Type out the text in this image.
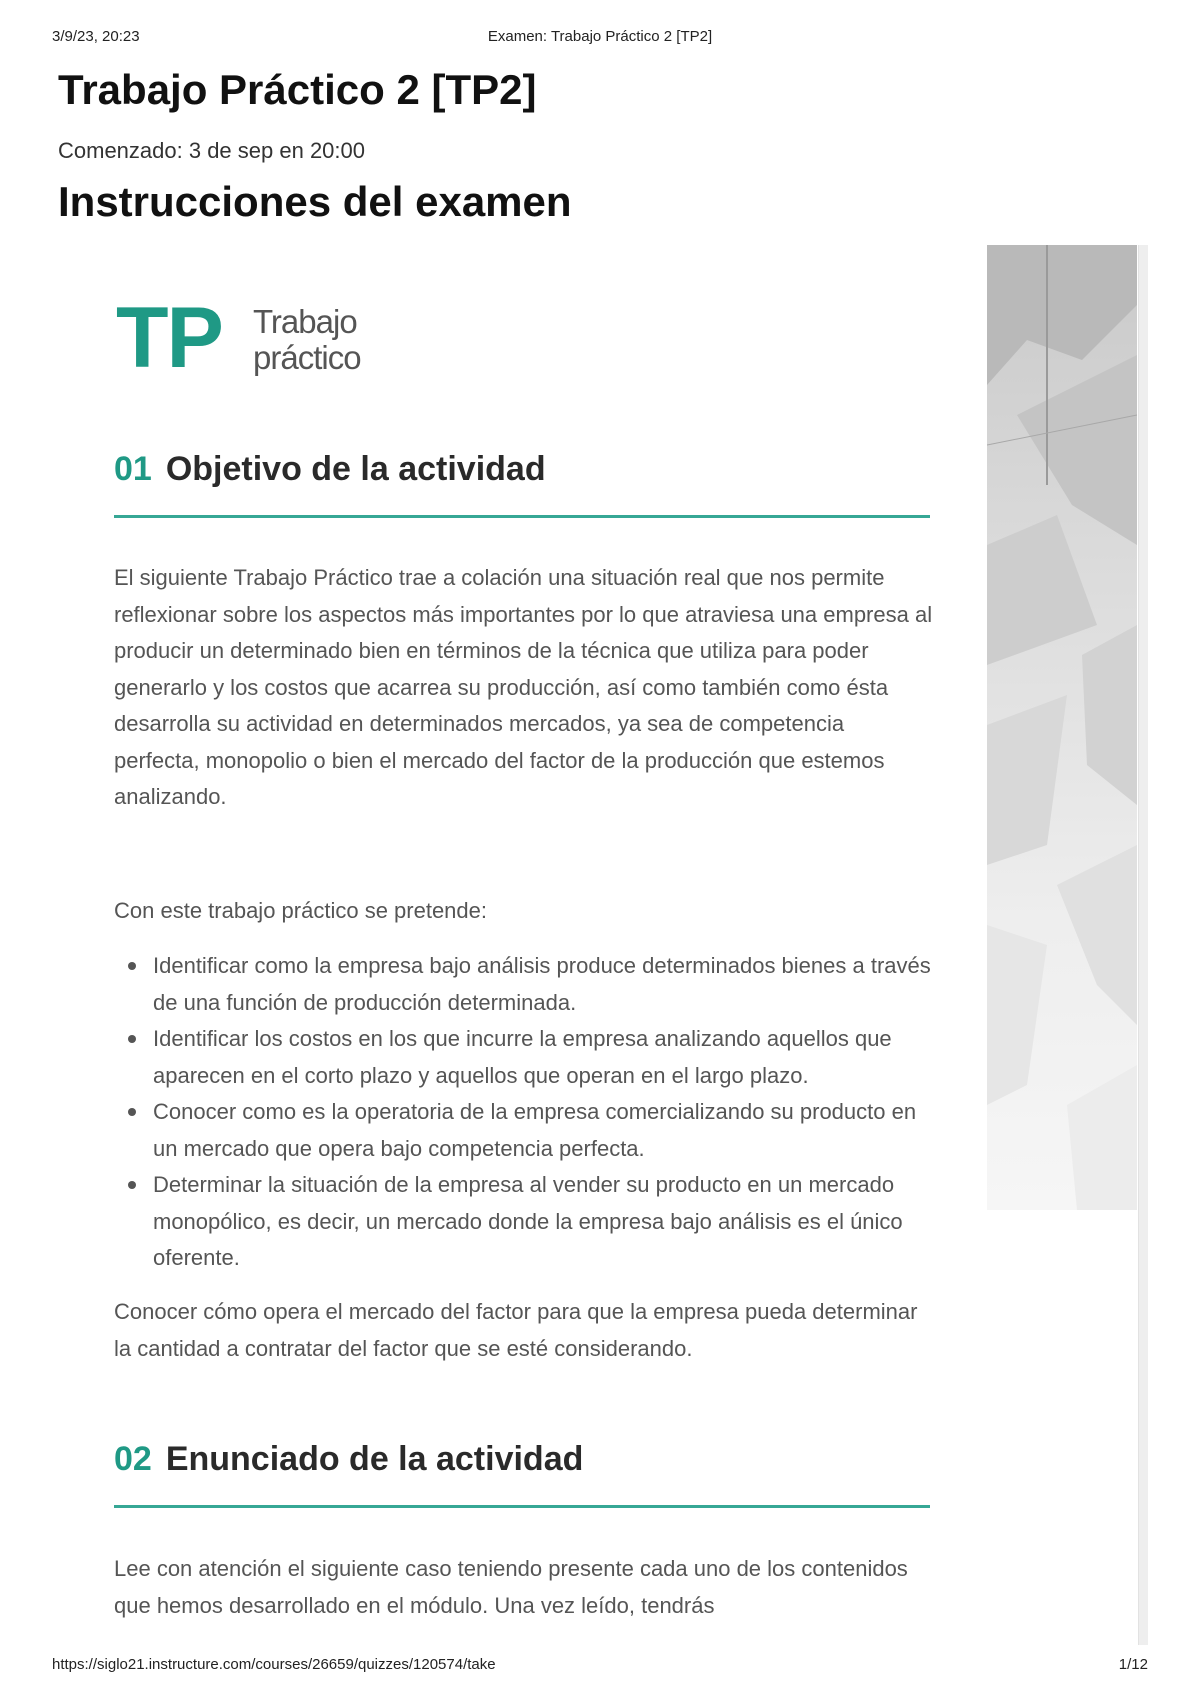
3/9/23, 20:23	Examen: Trabajo Práctico 2 [TP2]
Trabajo Práctico 2 [TP2]
Comenzado: 3 de sep en 20:00
Instrucciones del examen
TP Trabajo
práctico
01 Objetivo de la actividad

El siguiente Trabajo Práctico trae a colación una situación real que nos permite reflexionar sobre los aspectos más importantes por lo que atraviesa una empresa al producir un determinado bien en términos de la técnica que utiliza para poder generarlo y los costos que acarrea su producción, así como también como ésta desarrolla su actividad en determinados mercados, ya sea de competencia perfecta, monopolio o bien el mercado del factor de la producción que estemos analizando.

Con este trabajo práctico se pretende:

Identificar como la empresa bajo análisis produce determinados bienes a través de una función de producción determinada.
Identificar los costos en los que incurre la empresa analizando aquellos que aparecen en el corto plazo y aquellos que operan en el largo plazo.
Conocer como es la operatoria de la empresa comercializando su producto en un mercado que opera bajo competencia perfecta.
Determinar la situación de la empresa al vender su producto en un mercado monopólico, es decir, un mercado donde la empresa bajo análisis es el único oferente.

Conocer cómo opera el mercado del factor para que la empresa pueda determinar la cantidad a contratar del factor que se esté considerando.

02 Enunciado de la actividad

Lee con atención el siguiente caso teniendo presente cada uno de los contenidos que hemos desarrollado en el módulo. Una vez leído, tendrás

https://siglo21.instructure.com/courses/26659/quizzes/120574/take	1/12
